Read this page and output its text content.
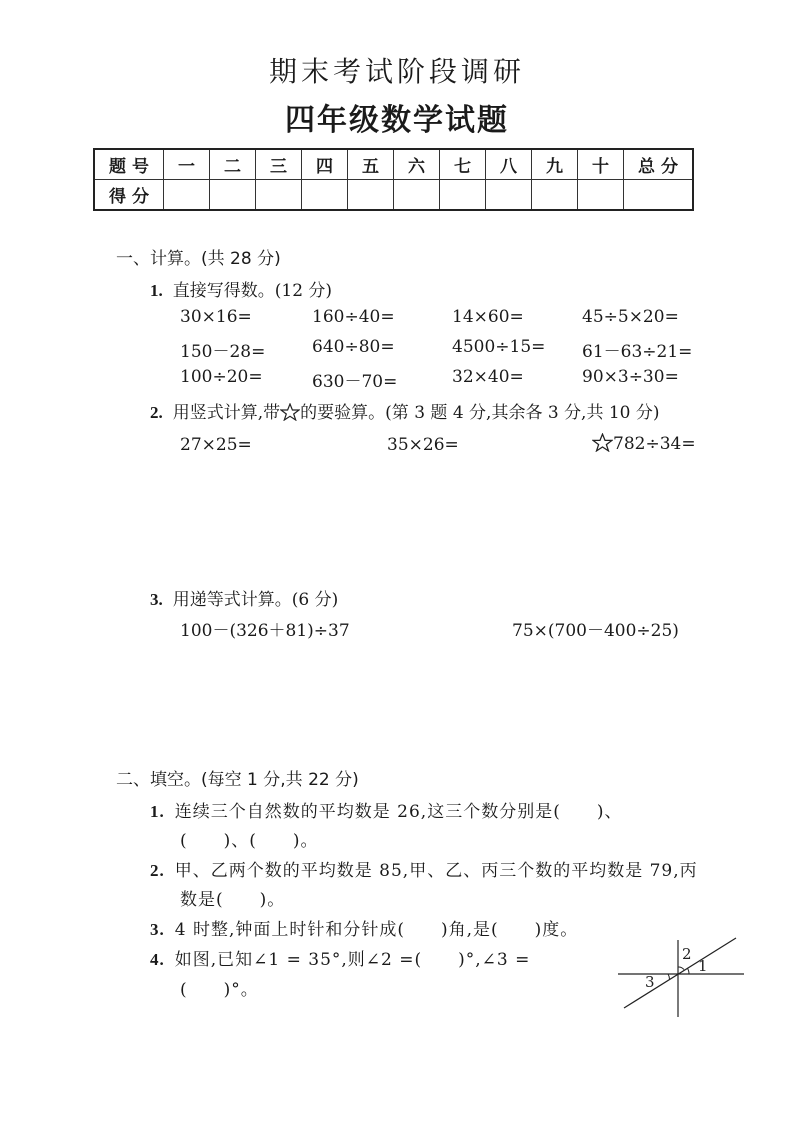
期末考试阶段调研
四年级数学试题
题 号	一	二	三	四	五	六	七	八	九	十	总 分
得 分											
一、计算。(共 28 分)
1. 直接写得数。(12 分)
30×16=	160÷40=	14×60=	45÷5×20=
150－28=	640÷80=	4500÷15= 61－63÷21=
100÷20=	630－70=	32×40=	90×3÷30=
2. 用竖式计算,带 的要验算。(第 3 题 4 分,其余各 3 分,共 10 分)
27×25=	35×26=	782÷34=
3. 用递等式计算。(6 分)
100－(326＋81)÷37	75×(700－400÷25)
二、填空。(每空 1 分,共 22 分)
1. 连续三个自然数的平均数是 26,这三个数分别是(　　)、
(　　)、(　　)。
2. 甲、乙两个数的平均数是 85,甲、乙、丙三个数的平均数是 79,丙
数是(　　)。
3. 4 时整,钟面上时针和分针成(　　)角,是(　　)度。
4. 如图,已知∠1 = 35°,则∠2 =(　　)°,∠3 =
(　　)°。
1
2
3
